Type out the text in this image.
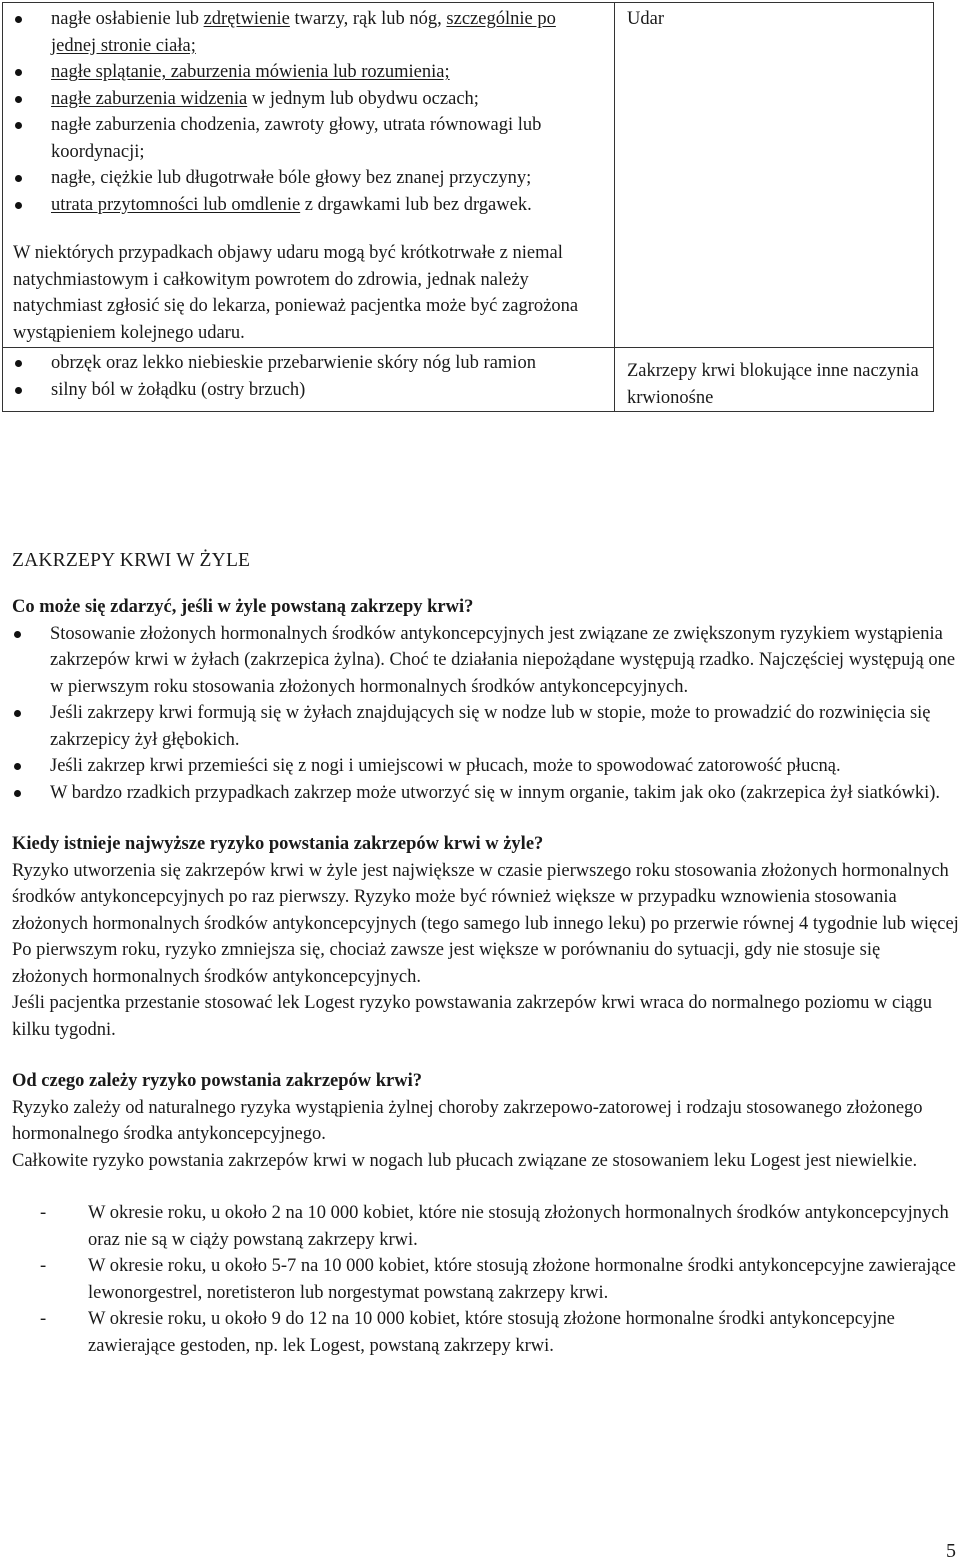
nagłe osłabienie lub zdrętwienie twarzy, rąk lub nóg, szczególnie po jednej stronie ciała;
nagłe splątanie, zaburzenia mówienia lub rozumienia;
nagłe zaburzenia widzenia w jednym lub obydwu oczach;
nagłe zaburzenia chodzenia, zawroty głowy, utrata równowagi lub koordynacji;
nagłe, ciężkie lub długotrwałe bóle głowy bez znanej przyczyny;
utrata przytomności lub omdlenie z drgawkami lub bez drgawek.

W niektórych przypadkach objawy udaru mogą być krótkotrwałe z niemal natychmiastowym i całkowitym powrotem do zdrowia, jednak należy natychmiast zgłosić się do lekarza, ponieważ pacjentka może być zagrożona wystąpieniem kolejnego udaru.

Udar
obrzęk oraz lekko niebieskie przebarwienie skóry nóg lub ramion
silny ból w żołądku (ostry brzuch)
Zakrzepy krwi blokujące inne naczynia krwionośne
ZAKRZEPY KRWI W ŻYLE

Co może się zdarzyć, jeśli w żyle powstaną zakrzepy krwi?

Stosowanie złożonych hormonalnych środków antykoncepcyjnych jest związane ze zwiększonym ryzykiem wystąpienia zakrzepów krwi w żyłach (zakrzepica żylna). Choć te działania niepożądane występują rzadko. Najczęściej występują one w pierwszym roku stosowania złożonych hormonalnych środków antykoncepcyjnych.
Jeśli zakrzepy krwi formują się w żyłach znajdujących się w nodze lub w stopie, może to prowadzić do rozwinięcia się zakrzepicy żył głębokich.
Jeśli zakrzep krwi przemieści się z nogi i umiejscowi w płucach, może to spowodować zatorowość płucną.
W bardzo rzadkich przypadkach zakrzep może utworzyć się w innym organie, takim jak oko (zakrzepica żył siatkówki).

Kiedy istnieje najwyższe ryzyko powstania zakrzepów krwi w żyle?

Ryzyko utworzenia się zakrzepów krwi w żyle jest największe w czasie pierwszego roku stosowania złożonych hormonalnych środków antykoncepcyjnych po raz pierwszy. Ryzyko może być również większe w przypadku wznowienia stosowania złożonych hormonalnych środków antykoncepcyjnych (tego samego lub innego leku) po przerwie równej 4 tygodnie lub więcej

Po pierwszym roku, ryzyko zmniejsza się, chociaż zawsze jest większe w porównaniu do sytuacji, gdy nie stosuje się złożonych hormonalnych środków antykoncepcyjnych.

Jeśli pacjentka przestanie stosować lek Logest ryzyko powstawania zakrzepów krwi wraca do normalnego poziomu w ciągu kilku tygodni.

Od czego zależy ryzyko powstania zakrzepów krwi?

Ryzyko zależy od naturalnego ryzyka wystąpienia żylnej choroby zakrzepowo-zatorowej i rodzaju stosowanego złożonego hormonalnego środka antykoncepcyjnego.

Całkowite ryzyko powstania zakrzepów krwi w nogach lub płucach związane ze stosowaniem leku Logest jest niewielkie.

- W okresie roku, u około 2 na 10 000 kobiet, które nie stosują złożonych hormonalnych środków antykoncepcyjnych oraz nie są w ciąży powstaną zakrzepy krwi.
- W okresie roku, u około 5-7 na 10 000 kobiet, które stosują złożone hormonalne środki antykoncepcyjne zawierające lewonorgestrel, noretisteron lub norgestymat powstaną zakrzepy krwi.
- W okresie roku, u około 9 do 12 na 10 000 kobiet, które stosują złożone hormonalne środki antykoncepcyjne zawierające gestoden, np. lek Logest, powstaną zakrzepy krwi.
5
